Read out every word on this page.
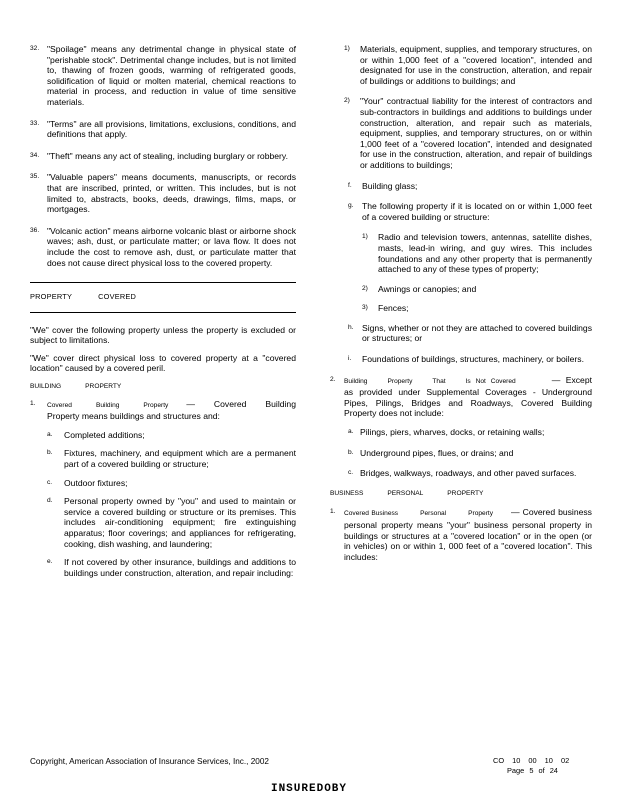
32. "Spoilage" means any detrimental change in physical state of "perishable stock". Detrimental change includes, but is not limited to, thawing of frozen goods, warming of refrigerated goods, solidification of liquid or molten material, chemical reactions to material in process, and reduction in value of time sensitive materials.
33. "Terms" are all provisions, limitations, exclusions, conditions, and definitions that apply.
34. "Theft" means any act of stealing, including burglary or robbery.
35. "Valuable papers" means documents, manuscripts, or records that are inscribed, printed, or written. This includes, but is not limited to, abstracts, books, deeds, drawings, films, maps, or mortgages.
36. "Volcanic action" means airborne volcanic blast or airborne shock waves; ash, dust, or particulate matter; or lava flow. It does not include the cost to remove ash, dust, or particulate matter that does not cause direct physical loss to the covered property.
PROPERTY	COVERED
"We" cover the following property unless the property is excluded or subject to limitations.
"We" cover direct physical loss to covered property at a "covered location" caused by a covered peril.
BUILDING	PROPERTY
1. Covered	Building	Property — Covered Building Property means buildings and structures and:
a. Completed additions;
b. Fixtures, machinery, and equipment which are a permanent part of a covered building or structure;
c. Outdoor fixtures;
d. Personal property owned by "you" and used to maintain or service a covered building or structure or its premises. This includes air-conditioning equipment; fire extinguishing apparatus; floor coverings; and appliances for refrigerating, cooking, dish washing, and laundering;
e. If not covered by other insurance, buildings and additions to buildings under construction, alteration, and repair including:
1) Materials, equipment, supplies, and temporary structures, on or within 1,000 feet of a "covered location", intended and designated for use in the construction, alteration, and repair of buildings or additions to buildings; and
2) "Your" contractual liability for the interest of contractors and sub-contractors in buildings and additions to buildings under construction, alteration, and repair such as materials, equipment, supplies, and temporary structures, on or within 1,000 feet of a "covered location", intended and designated for use in the construction, alteration, and repair of buildings or additions to buildings;
f. Building glass;
g. The following property if it is located on or within 1,000 feet of a covered building or structure:
1) Radio and television towers, antennas, satellite dishes, masts, lead-in wiring, and guy wires. This includes foundations and any other property that is permanently attached to any of these types of property;
2) Awnings or canopies; and
3) Fences;
h. Signs, whether or not they are attached to covered buildings or structures; or
i. Foundations of buildings, structures, machinery, or boilers.
2. Building	Property	That	Is Not Covered	— Except as provided under Supplemental Coverages - Underground Pipes, Pilings, Bridges and Roadways, Covered Building Property does not include:
a. Pilings, piers, wharves, docks, or retaining walls;
b. Underground pipes, flues, or drains; and
c. Bridges, walkways, roadways, and other paved surfaces.
BUSINESS	PERSONAL	PROPERTY
1. Covered Business	Personal	Property — Covered business personal property means "your" business personal property in buildings or structures at a "covered location" or in the open (or in vehicles) on or within 1, 000 feet of a "covered location". This includes:
Copyright, American Association of Insurance Services, Inc., 2002	CO 10 00 10 02
Page 5 of 24
INSUREDOBY
